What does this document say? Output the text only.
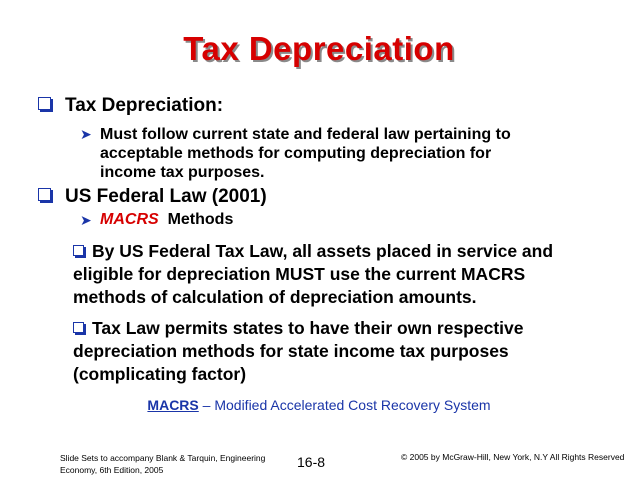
Tax Depreciation
Tax Depreciation:
➤ Must follow current state and federal law pertaining to
acceptable methods for computing depreciation for
income tax purposes.
US Federal Law (2001)
➤ MACRS Methods
By US Federal Tax Law, all assets placed in service and
eligible for depreciation MUST use the current MACRS
methods of calculation of depreciation amounts.
Tax Law permits states to have their own respective
depreciation methods for state income tax purposes
(complicating factor)
MACRS – Modified Accelerated Cost Recovery System
Slide Sets to accompany Blank & Tarquin, Engineering
Economy, 6th Edition, 2005	16-8	© 2005 by McGraw-Hill, New York, N.Y All Rights Reserved
